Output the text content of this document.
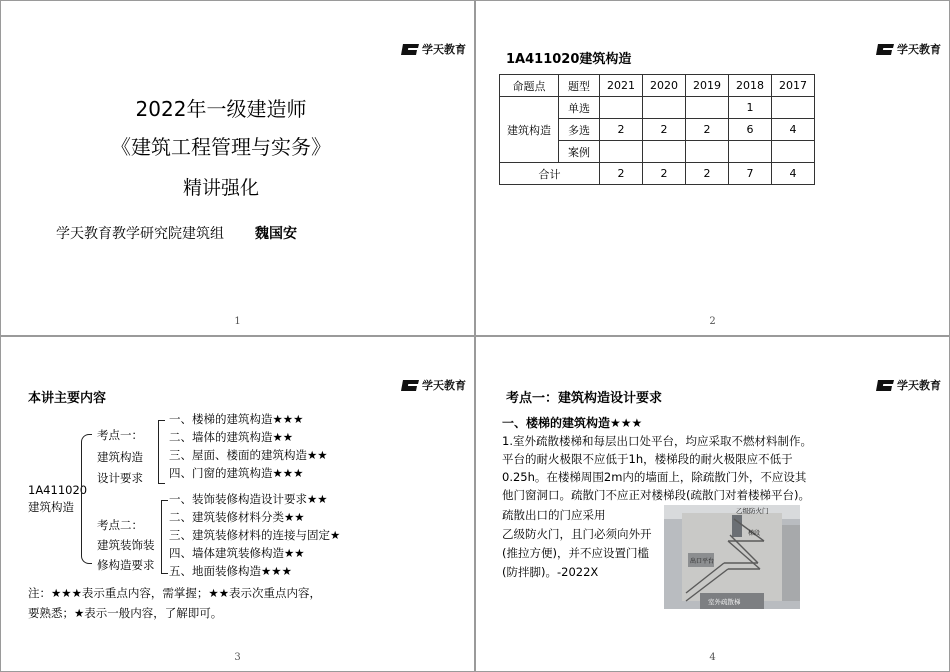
学天教育
2022年一级建造师
《建筑工程管理与实务》
精讲强化
学天教育教学研究院建筑组 魏国安
1
学天教育
1A411020建筑构造
命题点	题型	2021	2020	2019	2018	2017
建筑构造	单选				1	
	多选	2	2	2	6	4
	案例					
合计		2	2	2	7	4
2
学天教育
本讲主要内容
1A411020
建筑构造
考点一：
建筑构造
设计要求
一、楼梯的建筑构造★★★
二、墙体的建筑构造★★
三、屋面、楼面的建筑构造★★
四、门窗的建筑构造★★★
考点二：
建筑装饰装
修构造要求
一、装饰装修构造设计要求★★
二、建筑装修材料分类★★
三、建筑装修材料的连接与固定★
四、墙体建筑装修构造★★
五、地面装修构造★★★
注：★★★表示重点内容，需掌握；★★表示次重点内容，
要熟悉；★表示一般内容，了解即可。
3
学天教育
考点一：建筑构造设计要求
一、楼梯的建筑构造★★★
1.室外疏散楼梯和每层出口处平台，均应采取不燃材料制作。
平台的耐火极限不应低于1h，楼梯段的耐火极限应不低于
0.25h。在楼梯周围2m内的墙面上，除疏散门外，不应设其
他门窗洞口。疏散门不应正对楼梯段(疏散门对着楼梯平台)。
疏散出口的门应采用
乙级防火门，且门必须向外开
(推拉方便)，并不应设置门槛
(防拌脚)。-2022X
乙级防火门
梯段
出口平台
室外疏散梯
4
